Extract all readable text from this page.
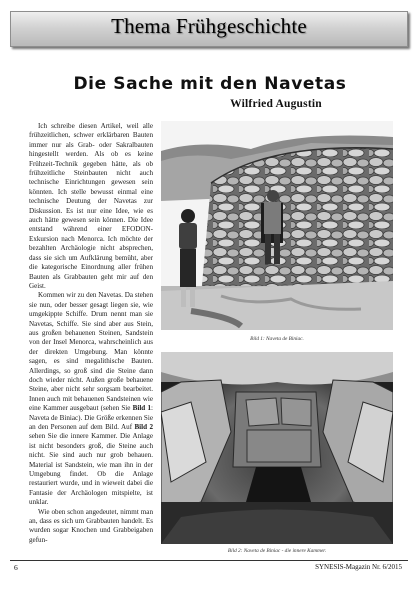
Thema Frühgeschichte
Die Sache mit den Navetas
Wilfried Augustin

Ich schreibe diesen Artikel, weil alle frühzeitlichen, schwer erklärbaren Bauten immer nur als Grab- oder Sakralbauten hingestellt werden. Als ob es keine Frühzeit-Technik gegeben hätte, als ob frühzeitliche Steinbauten nicht auch technische Einrichtungen gewesen sein könnten. Ich stelle bewusst einmal eine technische Deutung der Navetas zur Diskussion. Es ist nur eine Idee, wie es auch hätte gewesen sein können. Die Idee entstand während einer EFODON-Exkursion nach Menorca. Ich möchte der bezahlten Archäologie nicht absprechen, dass sie sich um Aufklärung bemüht, aber die kategorische Einordnung aller frühen Bauten als Grabbauten geht mir auf den Geist.

Kommen wir zu den Navetas. Da stehen sie nun, oder besser gesagt liegen sie, wie umgekippte Schiffe. Drum nennt man sie Navetas, Schiffe. Sie sind aber aus Stein, aus großen behauenen Steinen, Sandstein von der Insel Menorca, wahrscheinlich aus der direkten Umgebung. Man könnte sagen, es sind megalithische Bauten. Allerdings, so groß sind die Steine dann doch wieder nicht. Außen große behauene Steine, aber nicht sehr sorgsam bearbeitet. Innen auch mit behauenen Sandsteinen wie eine Kammer ausgebaut (sehen Sie Bild 1: Naveta de Biniac). Die Größe erkennen Sie an den Personen auf dem Bild. Auf Bild 2 sehen Sie die innere Kammer. Die Anlage ist nicht besonders groß, die Steine auch nicht. Sie sind auch nur grob behauen. Material ist Sandstein, wie man ihn in der Umgebung findet. Ob die Anlage restauriert wurde, und in wieweit dabei die Fantasie der Archäologen mitspielte, ist unklar.

Wie oben schon angedeutet, nimmt man an, dass es sich um Grabbauten handelt. Es wurden sogar Knochen und Grabbeigaben gefun-

Bild 1: Naveta de Biniac.
Bild 2: Naveta de Biniac - die innere Kammer.
6	SYNESIS-Magazin Nr. 6/2015
